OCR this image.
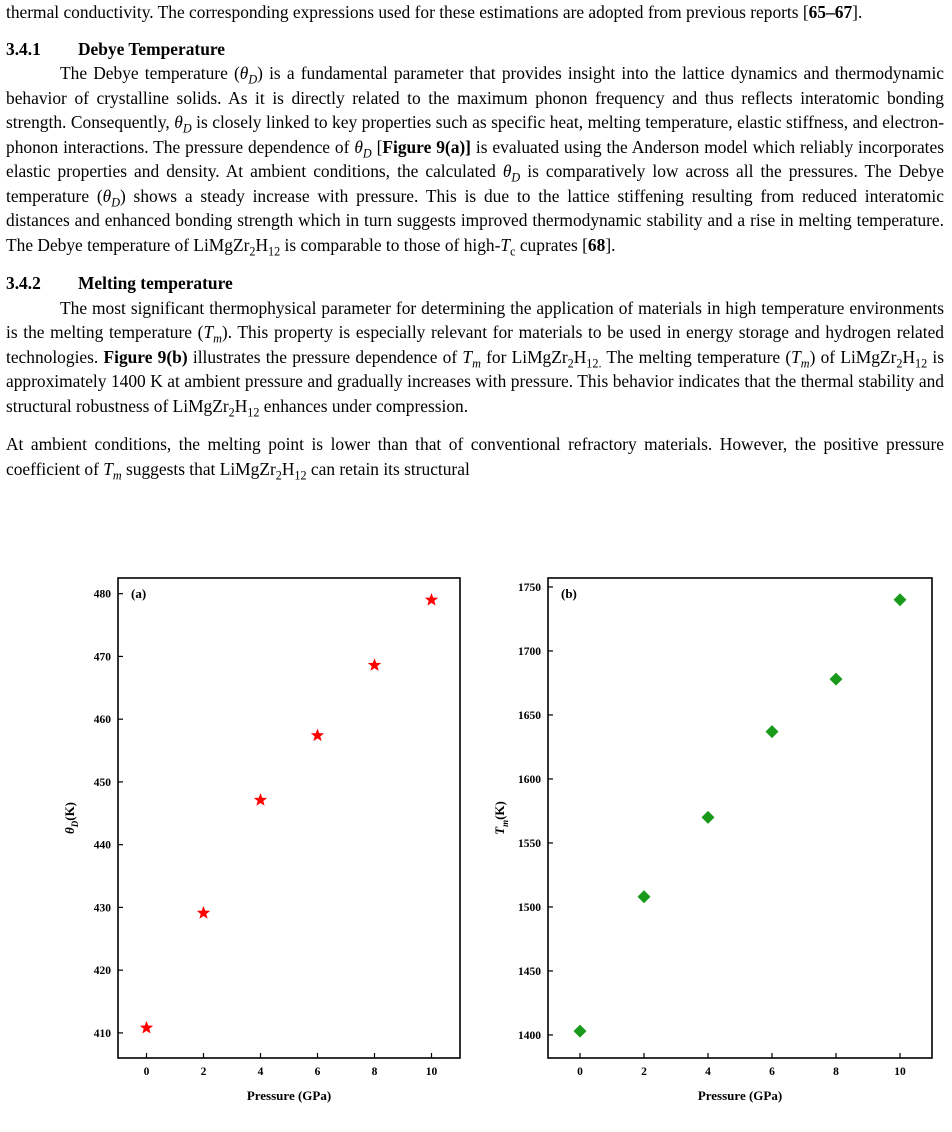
thermal conductivity. The corresponding expressions used for these estimations are adopted from previous reports [65–67].

3.4.1 Debye Temperature

The Debye temperature $(\theta_D)$ is a fundamental parameter that provides insight into the lattice dynamics and thermodynamic behavior of crystalline solids. As it is directly related to the maximum phonon frequency and thus reflects interatomic bonding strength. Consequently, $\theta_D$ is closely linked to key properties such as specific heat, melting temperature, elastic stiffness, and electron-phonon interactions. The pressure dependence of $\theta_D$ [Figure 9(a)] is evaluated using the Anderson model which reliably incorporates elastic properties and density. At ambient conditions, the calculated $\theta_D$ is comparatively low across all the pressures. The Debye temperature $(\theta_D)$ shows a steady increase with pressure. This is due to the lattice stiffening resulting from reduced interatomic distances and enhanced bonding strength which in turn suggests improved thermodynamic stability and a rise in melting temperature. The Debye temperature of $LiMgZr_2H_{12}$ is comparable to those of high-$T_c$ cuprates [68].

3.4.2 Melting temperature

The most significant thermophysical parameter for determining the application of materials in high temperature environments is the melting temperature $(T_m)$. This property is especially relevant for materials to be used in energy storage and hydrogen related technologies. Figure 9(b) illustrates the pressure dependence of $T_m$ for $LiMgZr_2H_{12.}$ The melting temperature $(T_m)$ of $LiMgZr_2H_{12}$ is approximately 1400 K at ambient pressure and gradually increases with pressure. This behavior indicates that the thermal stability and structural robustness of $LiMgZr_2H_{12}$ enhances under compression.

At ambient conditions, the melting point is lower than that of conventional refractory materials. However, the positive pressure coefficient of $T_m$ suggests that $LiMgZr_2H_{12}$ can retain its structural

0	2	4	6	8	10
410
420
430
440
450
460
470
480 (a)
Pressure (GPa)
$\theta_D(K)$
0	2	4	6	8	10
1400
1450
1500
1550
1600
1650
1700
1750 (b)
Pressure (GPa)
$T_m(K)$
